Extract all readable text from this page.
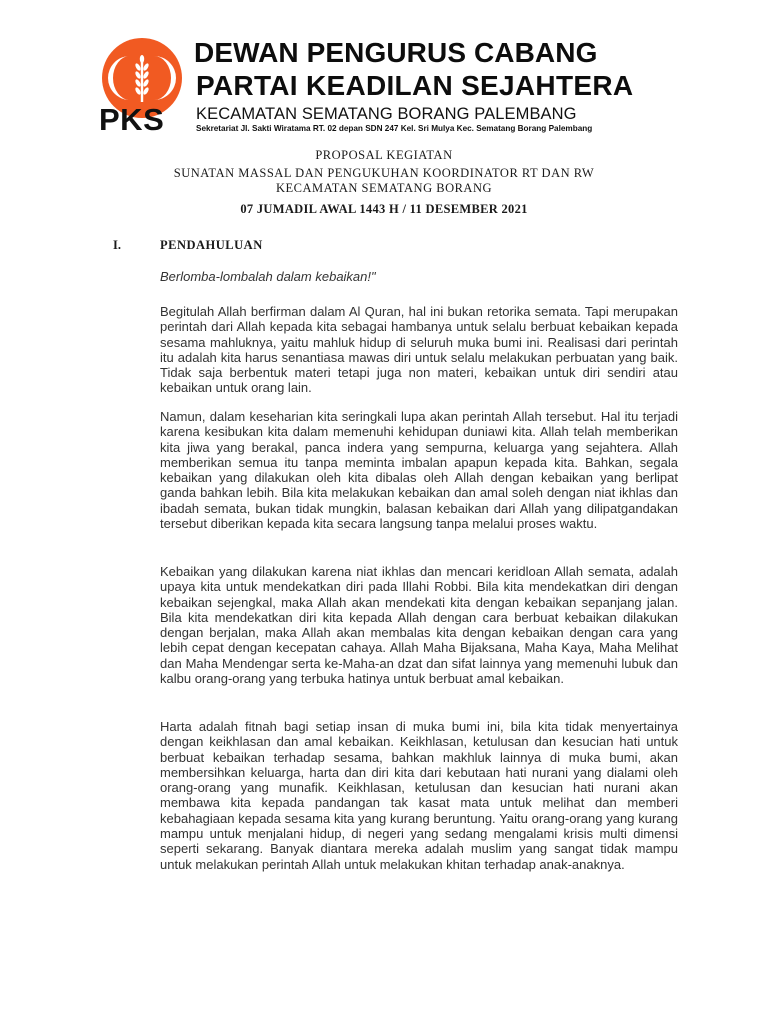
PKS
DEWAN PENGURUS CABANG
PARTAI KEADILAN SEJAHTERA
KECAMATAN SEMATANG BORANG PALEMBANG
Sekretariat Jl. Sakti Wiratama RT. 02 depan SDN 247 Kel. Sri Mulya Kec. Sematang Borang Palembang
PROPOSAL KEGIATAN
SUNATAN MASSAL DAN PENGUKUHAN KOORDINATOR RT DAN RW
KECAMATAN SEMATANG BORANG
07 JUMADIL AWAL 1443 H / 11 DESEMBER 2021
I.	PENDAHULUAN
Berlomba-lombalah dalam kebaikan!"

Begitulah Allah berfirman dalam Al Quran, hal ini bukan retorika semata. Tapi merupakan perintah dari Allah kepada kita sebagai hambanya untuk selalu berbuat kebaikan kepada sesama mahluknya, yaitu mahluk hidup di seluruh muka bumi ini. Realisasi dari perintah itu adalah kita harus senantiasa mawas diri untuk selalu melakukan perbuatan yang baik. Tidak saja berbentuk materi tetapi juga non materi, kebaikan untuk diri sendiri atau kebaikan untuk orang lain.

Namun, dalam keseharian kita seringkali lupa akan perintah Allah tersebut. Hal itu terjadi karena kesibukan kita dalam memenuhi kehidupan duniawi kita. Allah telah memberikan kita jiwa yang berakal, panca indera yang sempurna, keluarga yang sejahtera. Allah memberikan semua itu tanpa meminta imbalan apapun kepada kita. Bahkan, segala kebaikan yang dilakukan oleh kita dibalas oleh Allah dengan kebaikan yang berlipat ganda bahkan lebih. Bila kita melakukan kebaikan dan amal soleh dengan niat ikhlas dan ibadah semata, bukan tidak mungkin, balasan kebaikan dari Allah yang dilipatgandakan tersebut diberikan kepada kita secara langsung tanpa melalui proses waktu.

Kebaikan yang dilakukan karena niat ikhlas dan mencari keridloan Allah semata, adalah upaya kita untuk mendekatkan diri pada Illahi Robbi. Bila kita mendekatkan diri dengan kebaikan sejengkal, maka Allah akan mendekati kita dengan kebaikan sepanjang jalan. Bila kita mendekatkan diri kita kepada Allah dengan cara berbuat kebaikan dilakukan dengan berjalan, maka Allah akan membalas kita dengan kebaikan dengan cara yang lebih cepat dengan kecepatan cahaya. Allah Maha Bijaksana, Maha Kaya, Maha Melihat dan Maha Mendengar serta ke-Maha-an dzat dan sifat lainnya yang memenuhi lubuk dan kalbu orang-orang yang terbuka hatinya untuk berbuat amal kebaikan.

Harta adalah fitnah bagi setiap insan di muka bumi ini, bila kita tidak menyertainya dengan keikhlasan dan amal kebaikan. Keikhlasan, ketulusan dan kesucian hati untuk berbuat kebaikan terhadap sesama, bahkan makhluk lainnya di muka bumi, akan membersihkan keluarga, harta dan diri kita dari kebutaan hati nurani yang dialami oleh orang-orang yang munafik. Keikhlasan, ketulusan dan kesucian hati nurani akan membawa kita kepada pandangan tak kasat mata untuk melihat dan memberi kebahagiaan kepada sesama kita yang kurang beruntung. Yaitu orang-orang yang kurang mampu untuk menjalani hidup, di negeri yang sedang mengalami krisis multi dimensi seperti sekarang. Banyak diantara mereka adalah muslim yang sangat tidak mampu untuk melakukan perintah Allah untuk melakukan khitan terhadap anak-anaknya.
